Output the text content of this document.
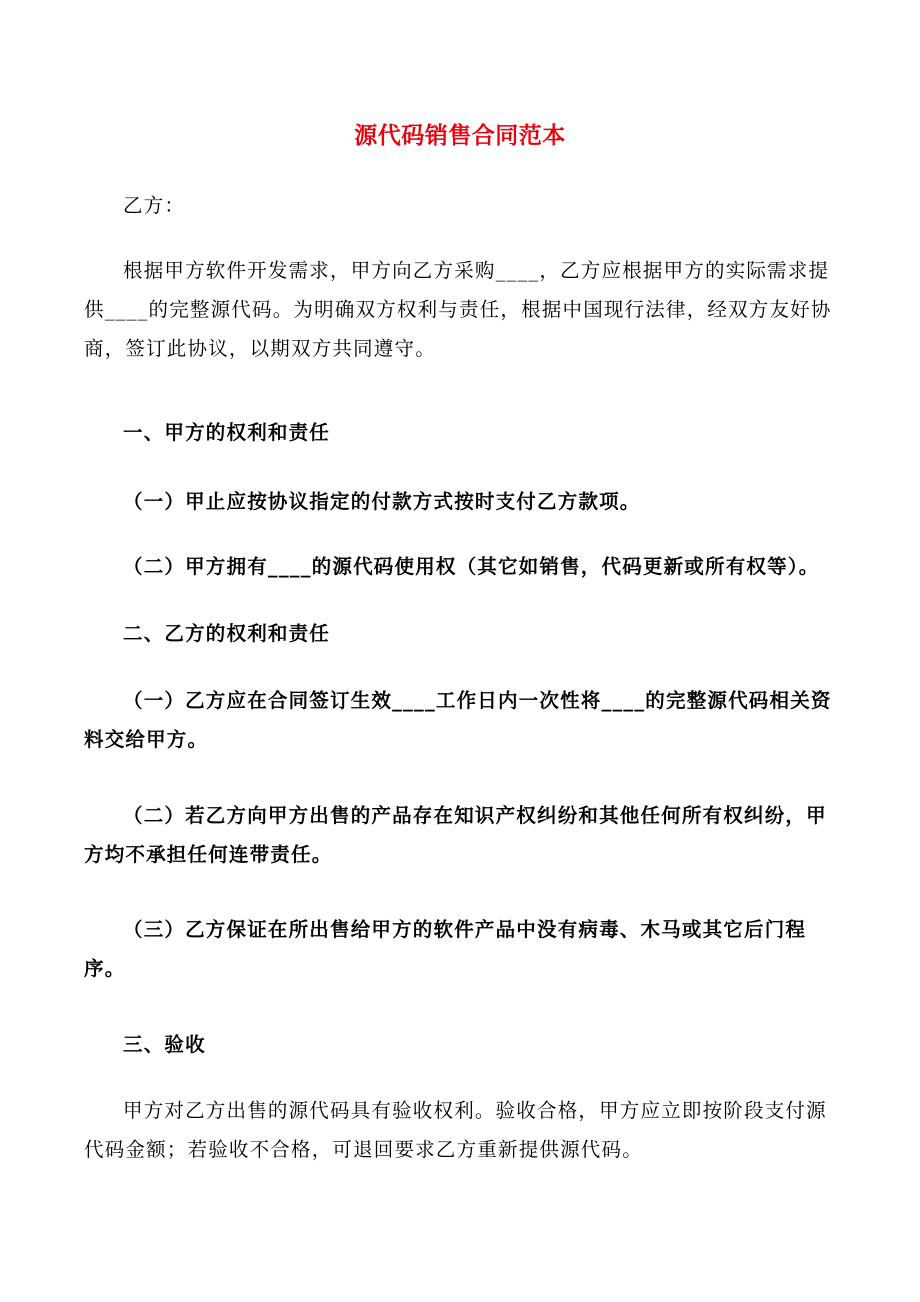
源代码销售合同范本
乙方：
根据甲方软件开发需求，甲方向乙方采购____，乙方应根据甲方的实际需求提供____的完整源代码。为明确双方权利与责任，根据中国现行法律，经双方友好协商，签订此协议，以期双方共同遵守。
一、甲方的权利和责任
（一）甲止应按协议指定的付款方式按时支付乙方款项。
（二）甲方拥有____的源代码使用权（其它如销售，代码更新或所有权等）。
二、乙方的权利和责任
（一）乙方应在合同签订生效____工作日内一次性将____的完整源代码相关资料交给甲方。
（二）若乙方向甲方出售的产品存在知识产权纠纷和其他任何所有权纠纷，甲方均不承担任何连带责任。
（三）乙方保证在所出售给甲方的软件产品中没有病毒、木马或其它后门程序。
三、验收
甲方对乙方出售的源代码具有验收权利。验收合格，甲方应立即按阶段支付源代码金额；若验收不合格，可退回要求乙方重新提供源代码。
